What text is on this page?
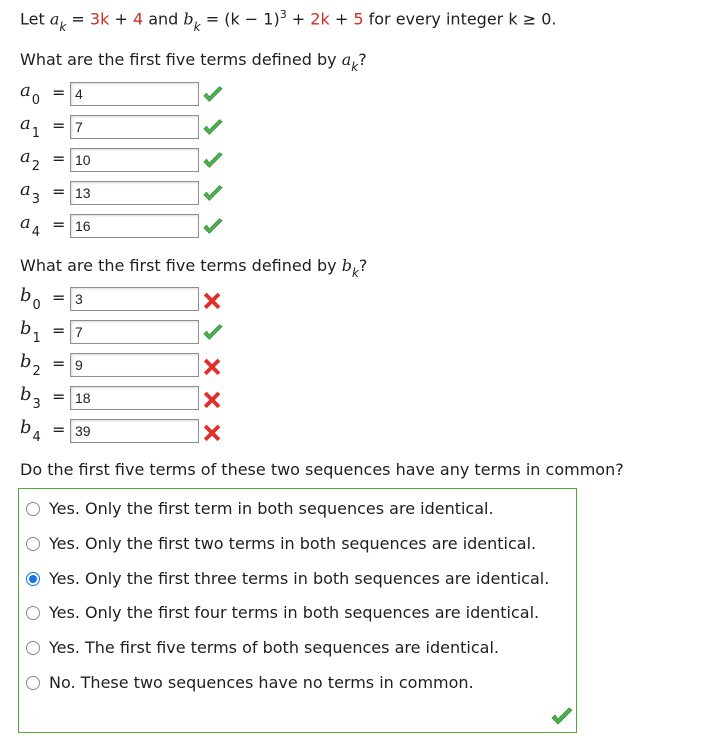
Let $a_k = 3k + 4$ and $b_k = (k - 1)^3 + 2k + 5$ for every integer k ≥ 0.
What are the first five terms defined by $a_k$?
$a_0 = 4$
$a_1 = 7$
$a_2 = 10$
$a_3 = 13$
$a_4 = 16$
What are the first five terms defined by $b_k$?
$b_0 = 3$
$b_1 = 7$
$b_2 = 9$
$b_3 = 18$
$b_4 = 39$
Do the first five terms of these two sequences have any terms in common?
Yes. Only the first term in both sequences are identical.
Yes. Only the first two terms in both sequences are identical.
Yes. Only the first three terms in both sequences are identical.
Yes. Only the first four terms in both sequences are identical.
Yes. The first five terms of both sequences are identical.
No. These two sequences have no terms in common.
